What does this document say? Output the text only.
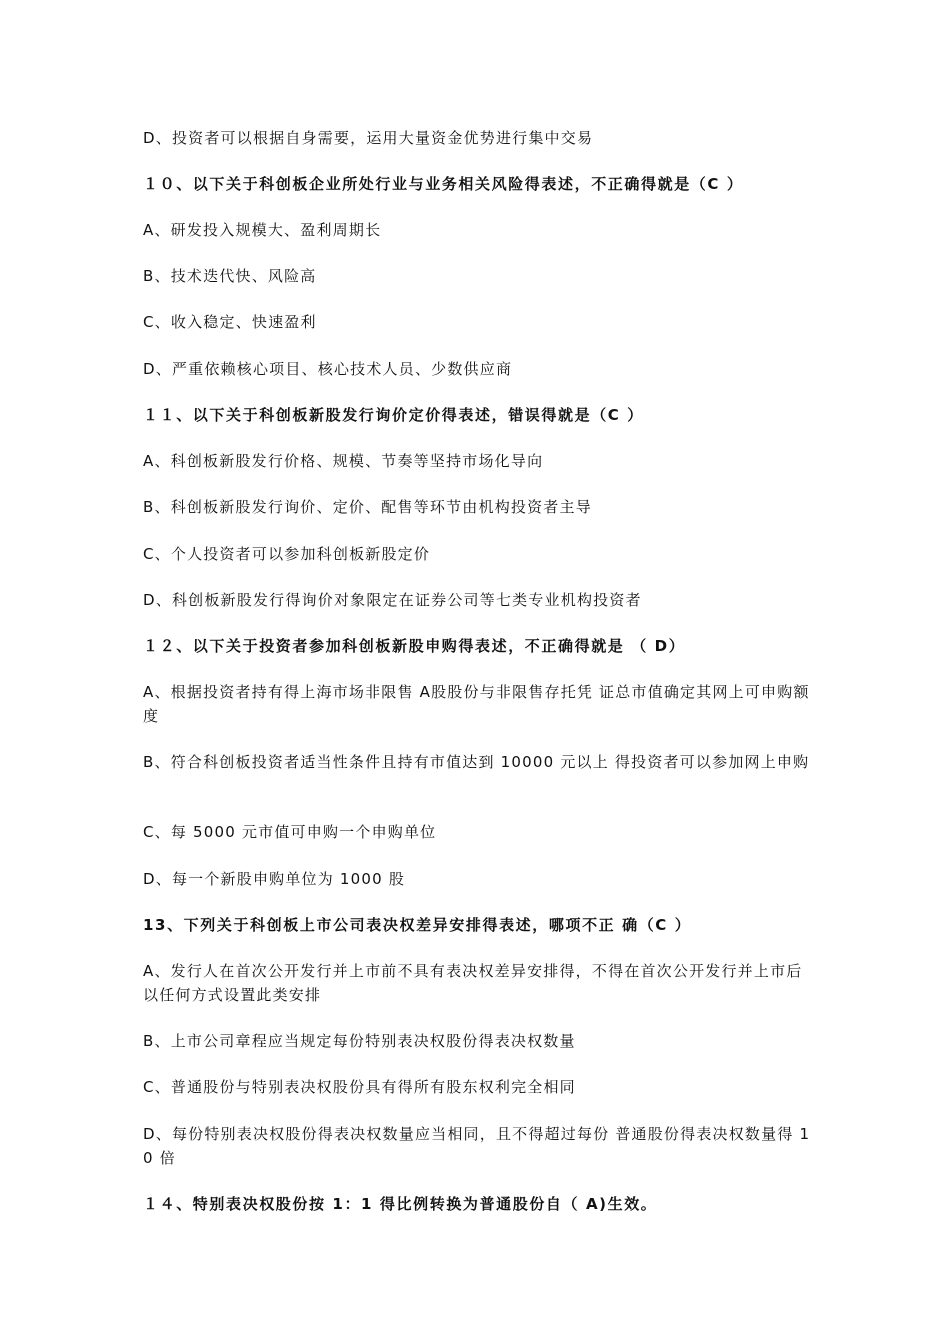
D、投资者可以根据自身需要，运用大量资金优势进行集中交易
１０、以下关于科创板企业所处行业与业务相关风险得表述，不正确得就是（C ）
A、研发投入规模大、盈利周期长
B、技术迭代快、风险高
C、收入稳定、快速盈利
D、严重依赖核心项目、核心技术人员、少数供应商
１１、以下关于科创板新股发行询价定价得表述，错误得就是（C ）
A、科创板新股发行价格、规模、节奏等坚持市场化导向
B、科创板新股发行询价、定价、配售等环节由机构投资者主导
C、个人投资者可以参加科创板新股定价
D、科创板新股发行得询价对象限定在证券公司等七类专业机构投资者
１２、以下关于投资者参加科创板新股申购得表述，不正确得就是 （ D）
A、根据投资者持有得上海市场非限售 A股股份与非限售存托凭 证总市值确定其网上可申购额度
B、符合科创板投资者适当性条件且持有市值达到 10000 元以上 得投资者可以参加网上申购
C、每 5000 元市值可申购一个申购单位
D、每一个新股申购单位为 1000 股
13、下列关于科创板上市公司表决权差异安排得表述，哪项不正 确（C ）
A、发行人在首次公开发行并上市前不具有表决权差异安排得，不得在首次公开发行并上市后以任何方式设置此类安排
B、上市公司章程应当规定每份特别表决权股份得表决权数量
C、普通股份与特别表决权股份具有得所有股东权利完全相同
D、每份特别表决权股份得表决权数量应当相同，且不得超过每份 普通股份得表决权数量得 10 倍
１４、特别表决权股份按 1：1 得比例转换为普通股份自（ A)生效。
